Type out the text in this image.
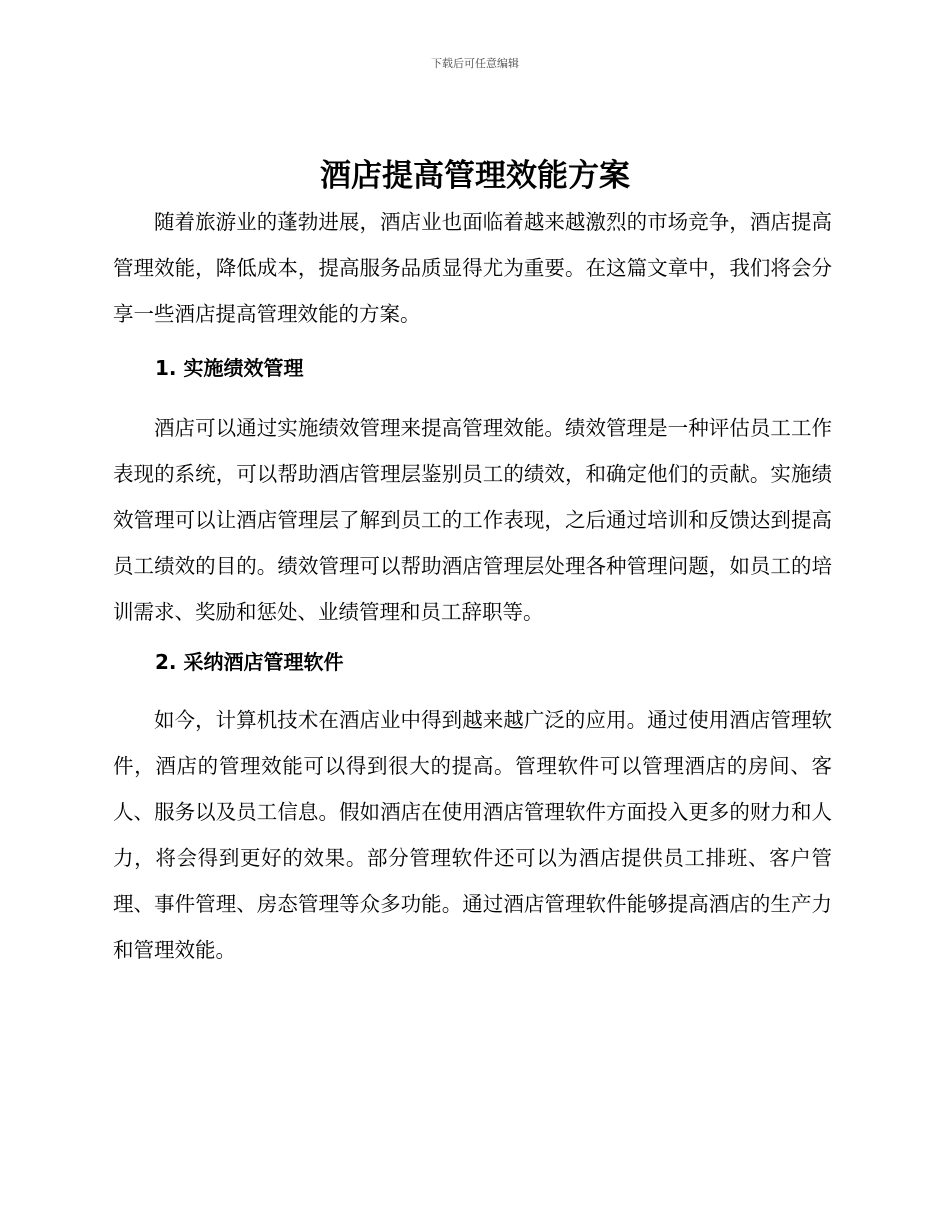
下载后可任意编辑

酒店提高管理效能方案

随着旅游业的蓬勃进展，酒店业也面临着越来越激烈的市场竞争，酒店提高管理效能，降低成本，提高服务品质显得尤为重要。在这篇文章中，我们将会分享一些酒店提高管理效能的方案。

1. 实施绩效管理

酒店可以通过实施绩效管理来提高管理效能。绩效管理是一种评估员工工作表现的系统，可以帮助酒店管理层鉴别员工的绩效，和确定他们的贡献。实施绩效管理可以让酒店管理层了解到员工的工作表现，之后通过培训和反馈达到提高员工绩效的目的。绩效管理可以帮助酒店管理层处理各种管理问题，如员工的培训需求、奖励和惩处、业绩管理和员工辞职等。

2. 采纳酒店管理软件

如今，计算机技术在酒店业中得到越来越广泛的应用。通过使用酒店管理软件，酒店的管理效能可以得到很大的提高。管理软件可以管理酒店的房间、客人、服务以及员工信息。假如酒店在使用酒店管理软件方面投入更多的财力和人力，将会得到更好的效果。部分管理软件还可以为酒店提供员工排班、客户管理、事件管理、房态管理等众多功能。通过酒店管理软件能够提高酒店的生产力和管理效能。
